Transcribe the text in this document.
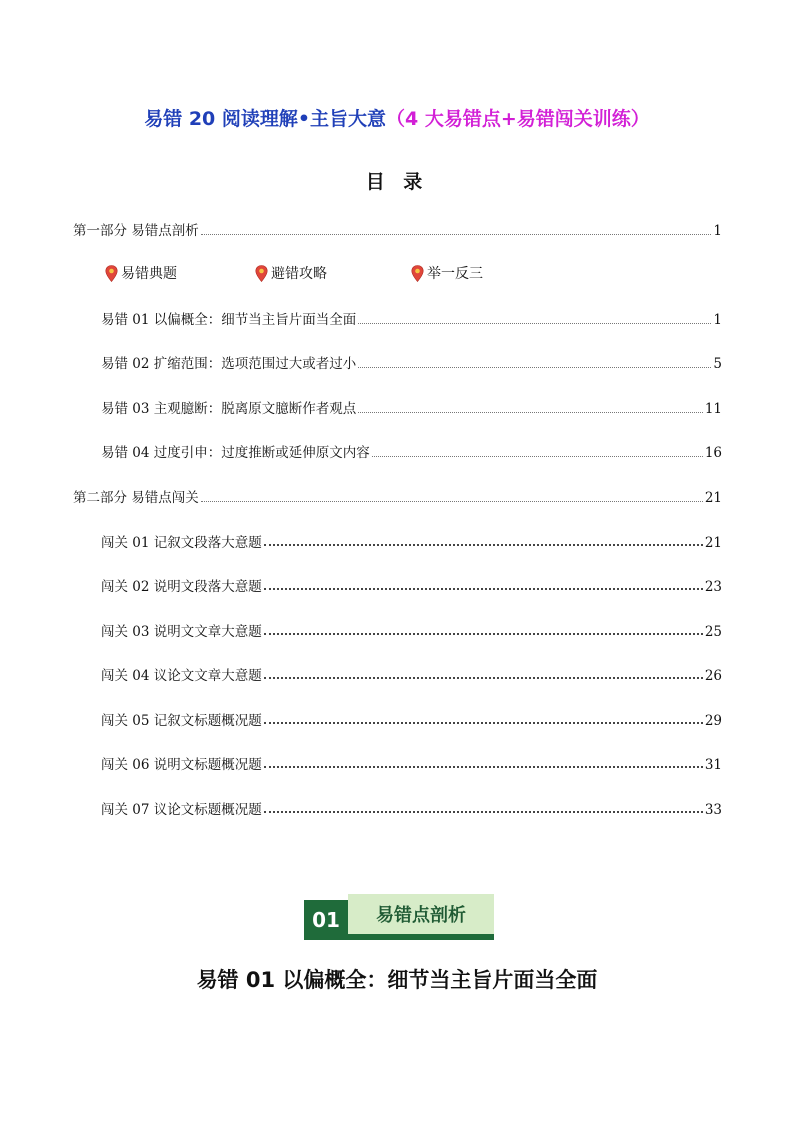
易错 20 阅读理解•主旨大意（4 大易错点+易错闯关训练）
目 录
第一部分 易错点剖析	1
易错典题	避错攻略	举一反三
易错 01 以偏概全：细节当主旨片面当全面	1
易错 02 扩缩范围：选项范围过大或者过小	5
易错 03 主观臆断：脱离原文臆断作者观点	11
易错 04 过度引申：过度推断或延伸原文内容	16
第二部分 易错点闯关	21
闯关 01 记叙文段落大意题	21
闯关 02 说明文段落大意题	23
闯关 03 说明文文章大意题	25
闯关 04 议论文文章大意题	26
闯关 05 记叙文标题概况题	29
闯关 06 说明文标题概况题	31
闯关 07 议论文标题概况题	33
易错点剖析
01
易错 01 以偏概全：细节当主旨片面当全面
